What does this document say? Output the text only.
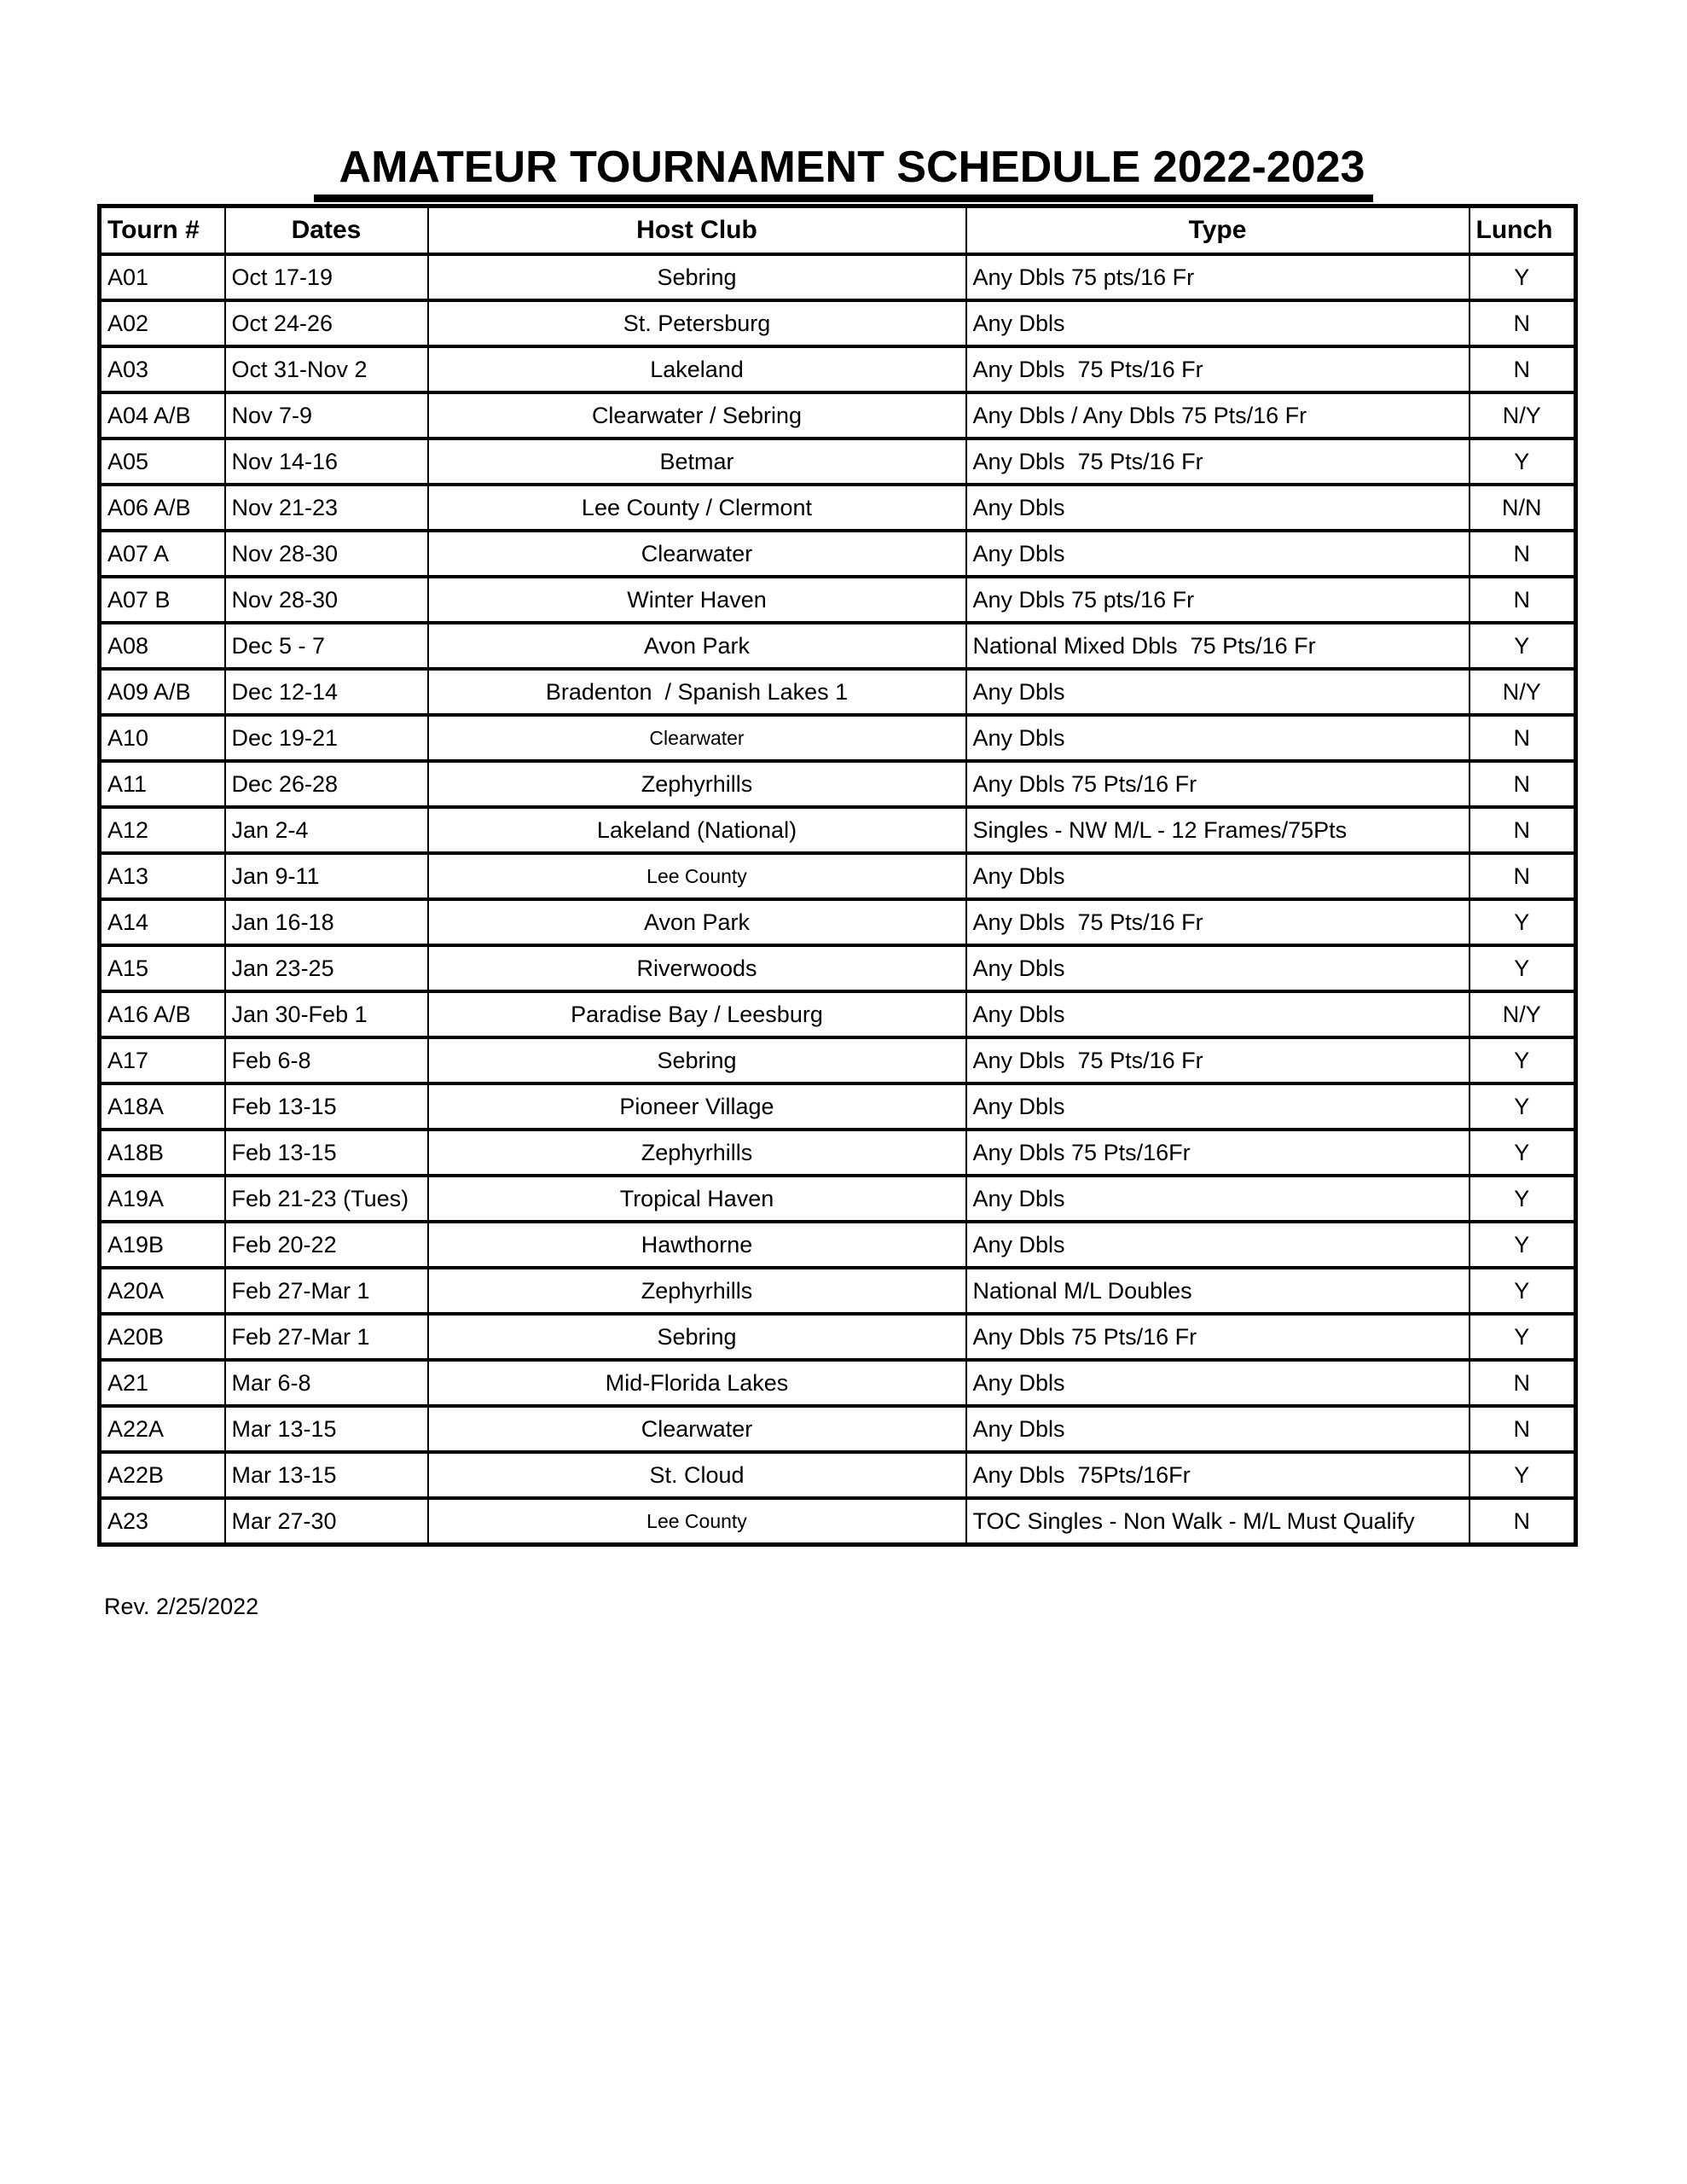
AMATEUR TOURNAMENT SCHEDULE 2022-2023
Tourn #	Dates	Host Club	Type	Lunch
A01	Oct 17-19	Sebring	Any Dbls 75 pts/16 Fr	Y
A02	Oct 24-26	St. Petersburg	Any Dbls	N
A03	Oct 31-Nov 2	Lakeland	Any Dbls  75 Pts/16 Fr	N
A04 A/B	Nov 7-9	Clearwater / Sebring	Any Dbls / Any Dbls 75 Pts/16 Fr	N/Y
A05	Nov 14-16	Betmar	Any Dbls  75 Pts/16 Fr	Y
A06 A/B	Nov 21-23	Lee County / Clermont	Any Dbls	N/N
A07 A	Nov 28-30	Clearwater	Any Dbls	N
A07 B	Nov 28-30	Winter Haven	Any Dbls 75 pts/16 Fr	N
A08	Dec 5 - 7	Avon Park	National Mixed Dbls  75 Pts/16 Fr	Y
A09 A/B	Dec 12-14	Bradenton  / Spanish Lakes 1	Any Dbls	N/Y
A10	Dec 19-21	Clearwater	Any Dbls	N
A11	Dec 26-28	Zephyrhills	Any Dbls 75 Pts/16 Fr	N
A12	Jan 2-4	Lakeland (National)	Singles - NW M/L - 12 Frames/75Pts	N
A13	Jan 9-11	Lee County	Any Dbls	N
A14	Jan 16-18	Avon Park	Any Dbls  75 Pts/16 Fr	Y
A15	Jan 23-25	Riverwoods	Any Dbls	Y
A16 A/B	Jan 30-Feb 1	Paradise Bay / Leesburg	Any Dbls	N/Y
A17	Feb 6-8	Sebring	Any Dbls  75 Pts/16 Fr	Y
A18A	Feb 13-15	Pioneer Village	Any Dbls	Y
A18B	Feb 13-15	Zephyrhills	Any Dbls 75 Pts/16Fr	Y
A19A	Feb 21-23 (Tues)	Tropical Haven	Any Dbls	Y
A19B	Feb 20-22	Hawthorne	Any Dbls	Y
A20A	Feb 27-Mar 1	Zephyrhills	National M/L Doubles	Y
A20B	Feb 27-Mar 1	Sebring	Any Dbls 75 Pts/16 Fr	Y
A21	Mar 6-8	Mid-Florida Lakes	Any Dbls	N
A22A	Mar 13-15	Clearwater	Any Dbls	N
A22B	Mar 13-15	St. Cloud	Any Dbls  75Pts/16Fr	Y
A23	Mar 27-30	Lee County	TOC Singles - Non Walk - M/L Must Qualify	N
Rev. 2/25/2022
